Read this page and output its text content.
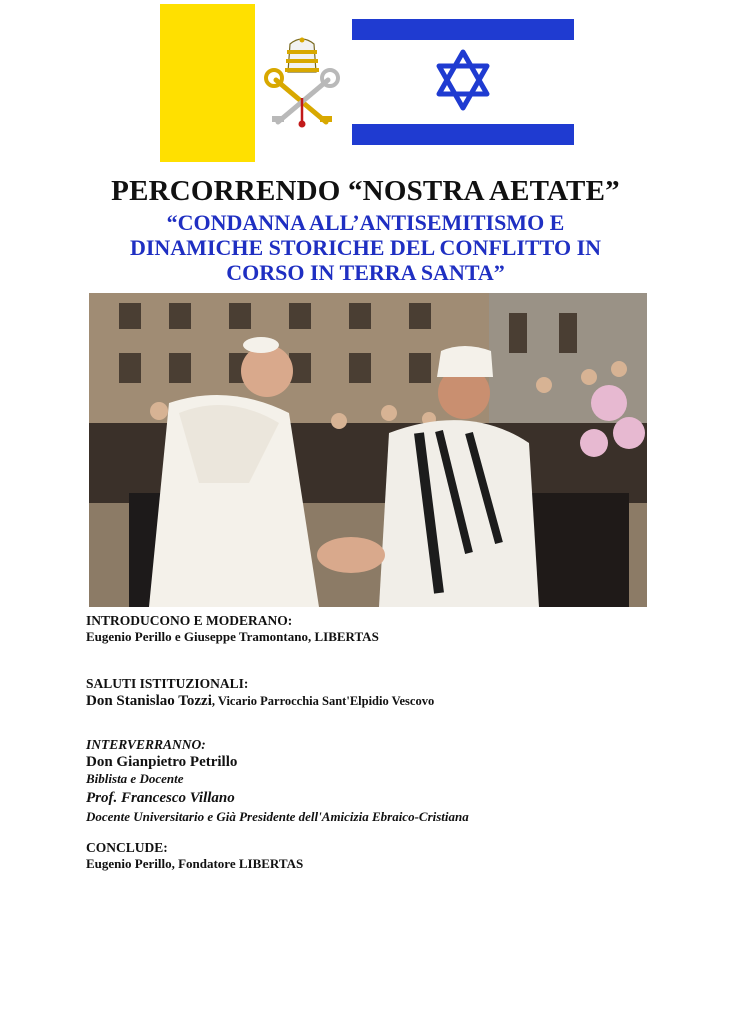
PERCORRENDO “NOSTRA AETATE”
“CONDANNA ALL’ANTISEMITISMO E
DINAMICHE STORICHE DEL CONFLITTO IN
CORSO IN TERRA SANTA”
INTRODUCONO E MODERANO:
Eugenio Perillo e Giuseppe Tramontano, LIBERTAS
SALUTI ISTITUZIONALI:
Don Stanislao Tozzi, Vicario Parrocchia Sant'Elpidio Vescovo
INTERVERRANNO:
Don Gianpietro Petrillo
Biblista e Docente
Prof. Francesco Villano
Docente Universitario e Già Presidente dell'Amicizia Ebraico-Cristiana
CONCLUDE:
Eugenio Perillo, Fondatore LIBERTAS
